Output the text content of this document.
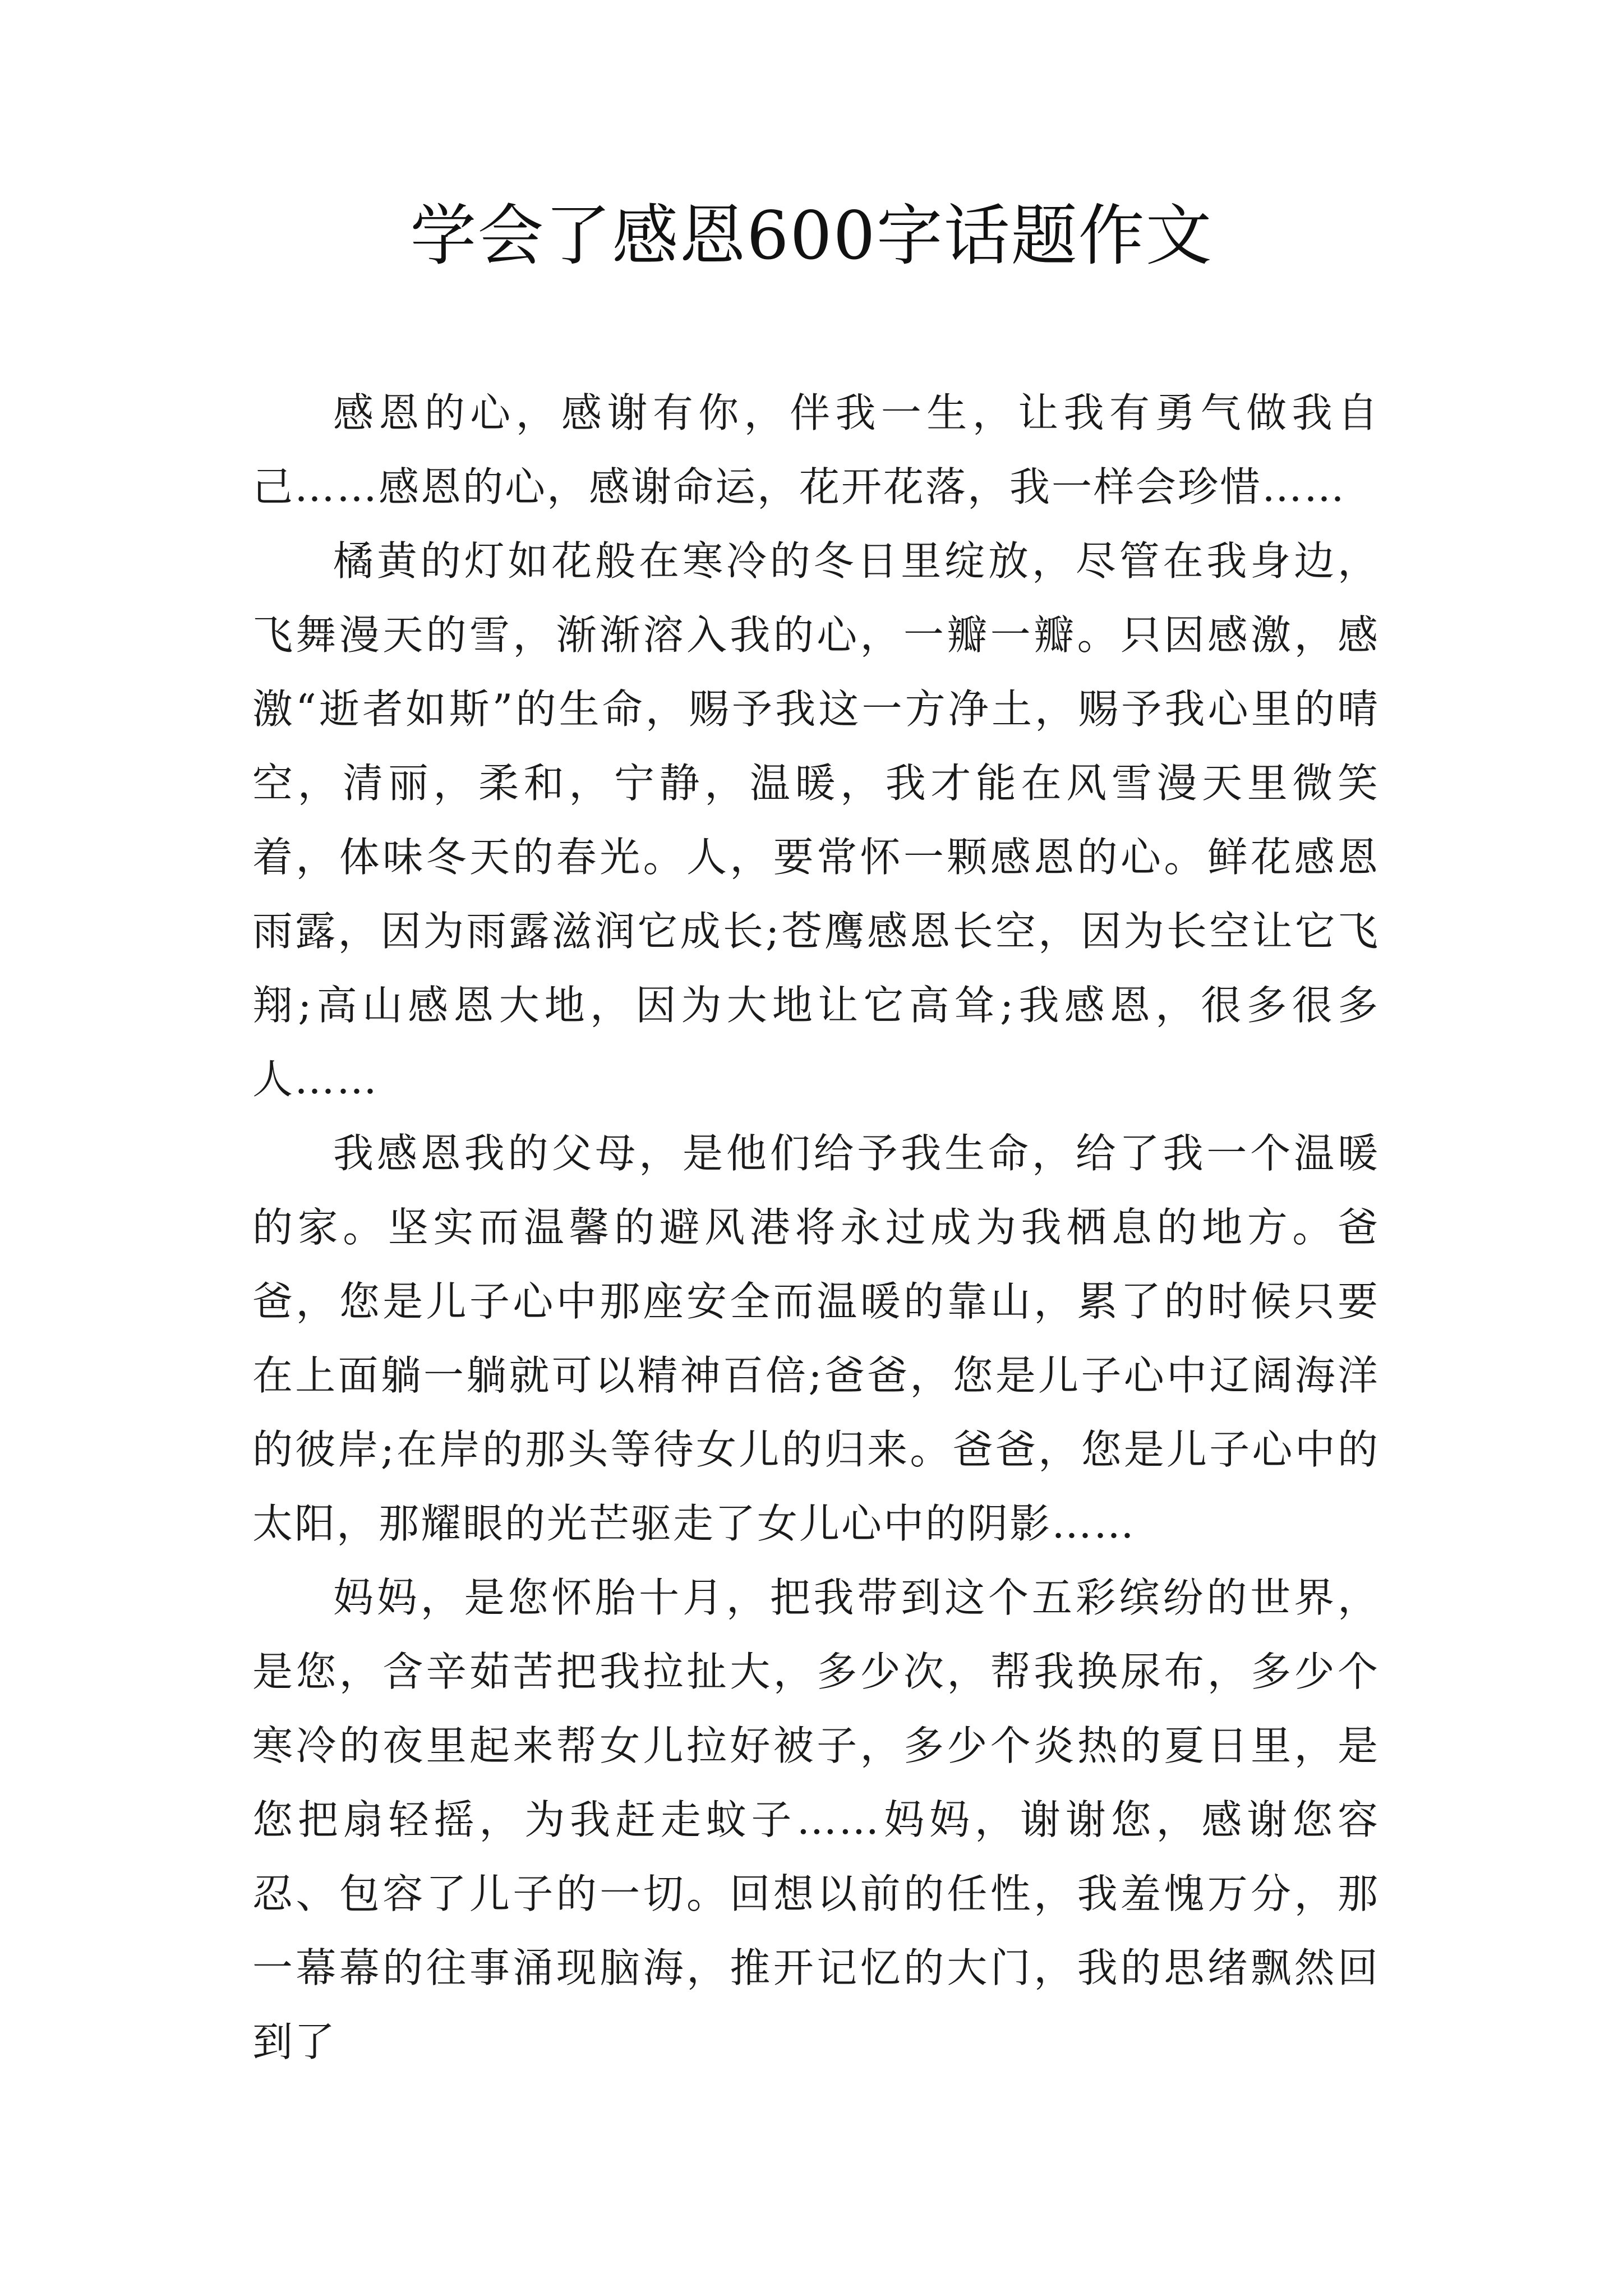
学会了感恩600字话题作文

感恩的心，感谢有你，伴我一生，让我有勇气做我自己……感恩的心，感谢命运，花开花落，我一样会珍惜……

橘黄的灯如花般在寒冷的冬日里绽放，尽管在我身边，飞舞漫天的雪，渐渐溶入我的心，一瓣一瓣。只因感激，感激“逝者如斯”的生命，赐予我这一方净土，赐予我心里的晴空，清丽，柔和，宁静，温暖，我才能在风雪漫天里微笑着，体味冬天的春光。人，要常怀一颗感恩的心。鲜花感恩雨露，因为雨露滋润它成长;苍鹰感恩长空，因为长空让它飞翔;高山感恩大地，因为大地让它高耸;我感恩，很多很多人……

我感恩我的父母，是他们给予我生命，给了我一个温暖的家。坚实而温馨的避风港将永过成为我栖息的地方。爸爸，您是儿子心中那座安全而温暖的靠山，累了的时候只要在上面躺一躺就可以精神百倍;爸爸，您是儿子心中辽阔海洋的彼岸;在岸的那头等待女儿的归来。爸爸，您是儿子心中的太阳，那耀眼的光芒驱走了女儿心中的阴影……

妈妈，是您怀胎十月，把我带到这个五彩缤纷的世界，是您，含辛茹苦把我拉扯大，多少次，帮我换尿布，多少个寒冷的夜里起来帮女儿拉好被子，多少个炎热的夏日里，是您把扇轻摇，为我赶走蚊子……妈妈，谢谢您，感谢您容忍、包容了儿子的一切。回想以前的任性，我羞愧万分，那一幕幕的往事涌现脑海，推开记忆的大门，我的思绪飘然回到了
